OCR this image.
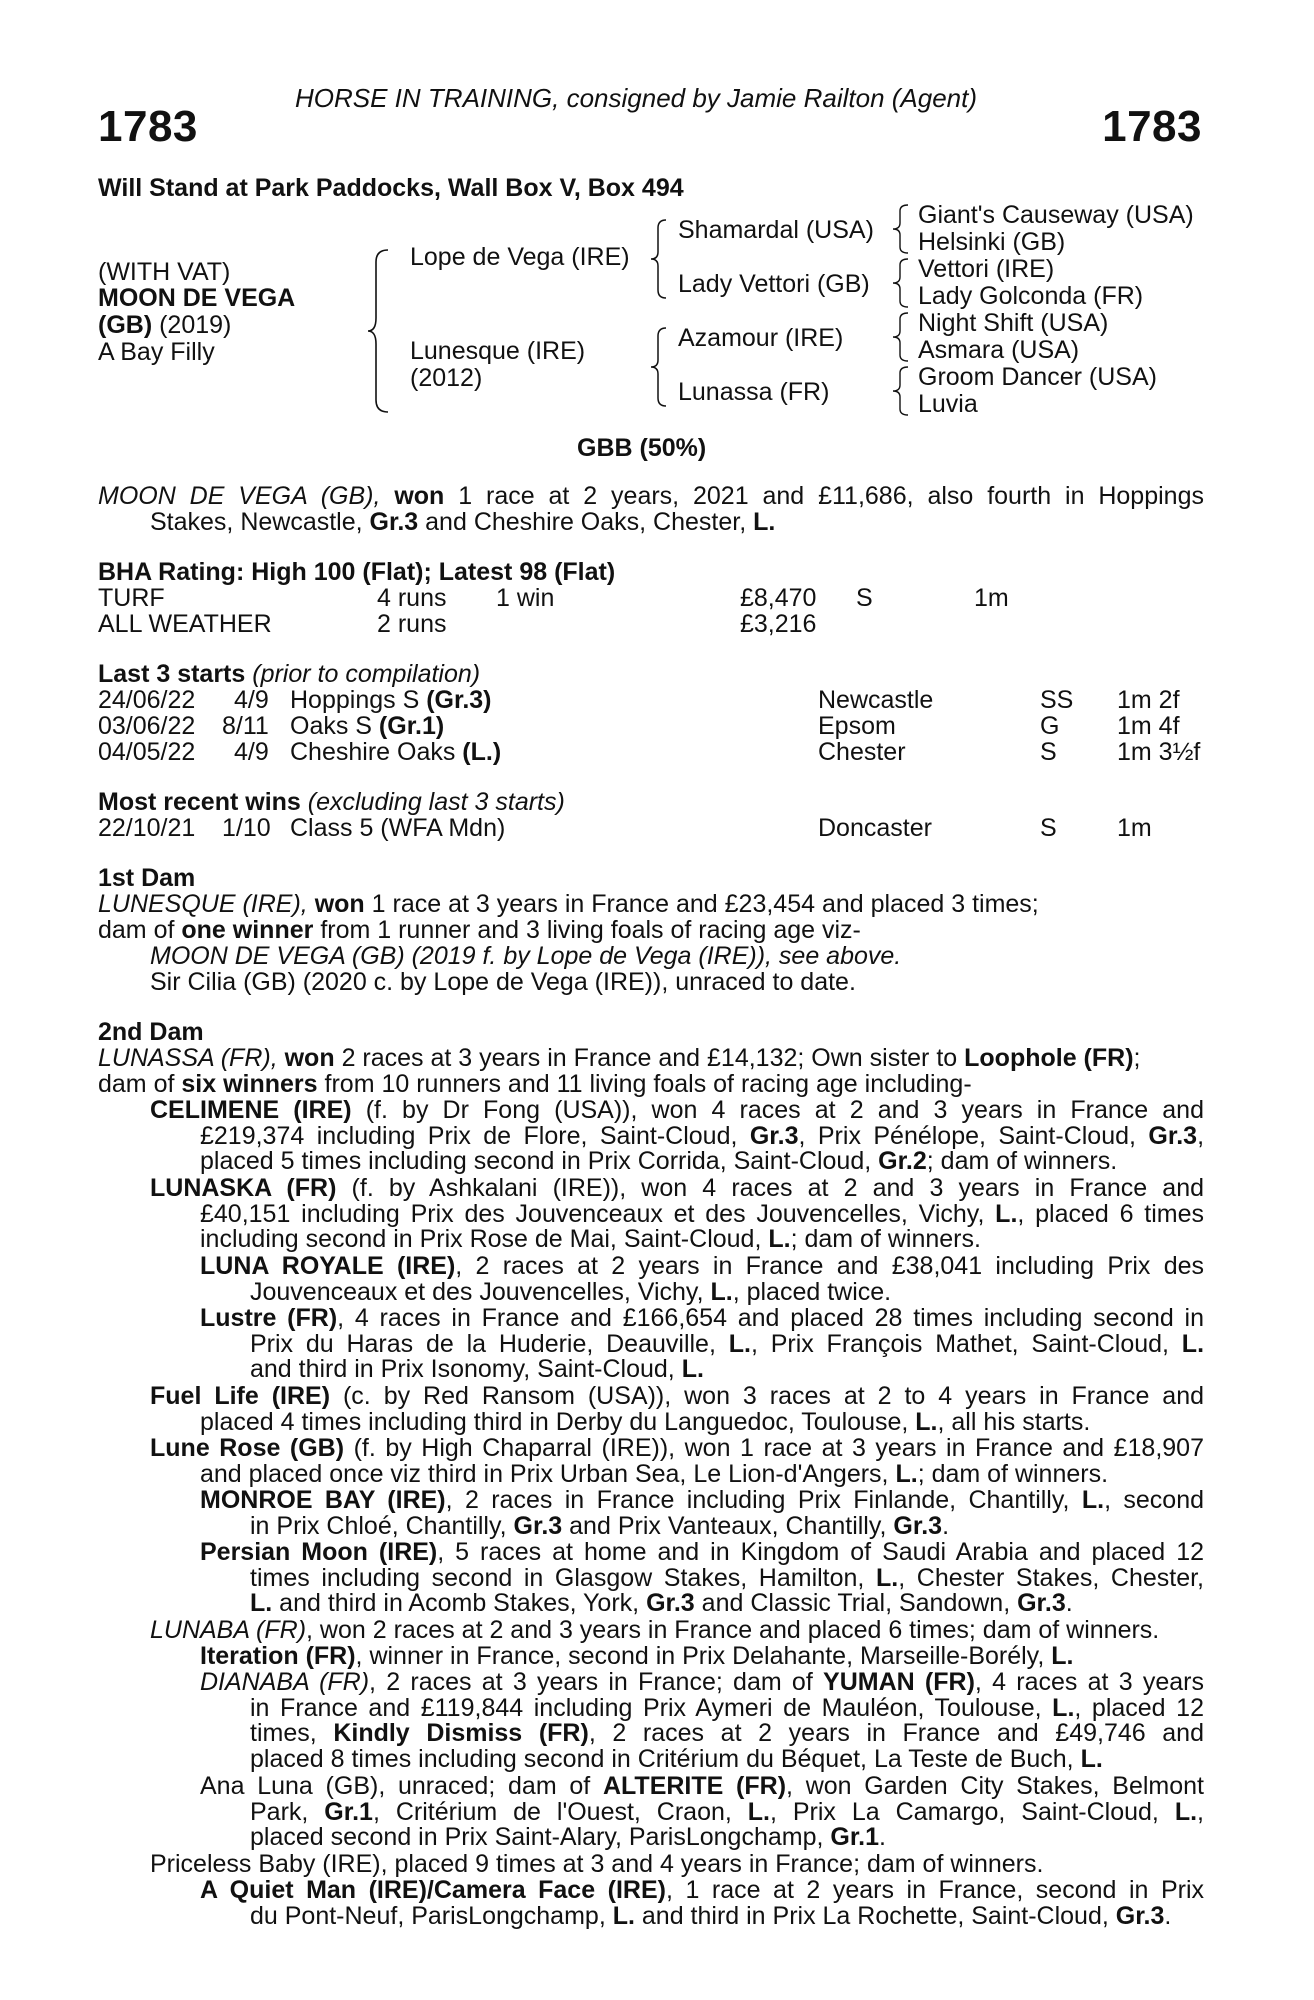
HORSE IN TRAINING, consigned by Jamie Railton (Agent)
1783	1783
Will Stand at Park Paddocks, Wall Box V, Box 494
(WITH VAT)
MOON DE VEGA
(GB) (2019)
A Bay Filly
Lope de Vega (IRE)
Lunesque (IRE)
(2012)
Shamardal (USA)
Lady Vettori (GB)
Azamour (IRE)
Lunassa (FR)
Giant's Causeway (USA)
Helsinki (GB)
Vettori (IRE)
Lady Golconda (FR)
Night Shift (USA)
Asmara (USA)
Groom Dancer (USA)
Luvia
GBB (50%)
MOON DE VEGA (GB), won 1 race at 2 years, 2021 and £11,686, also fourth in Hoppings
Stakes, Newcastle, Gr.3 and Cheshire Oaks, Chester, L.
BHA Rating: High 100 (Flat); Latest 98 (Flat)
TURF	4 runs 1 win	£8,470 S	1m
ALL WEATHER	2 runs	£3,216
Last 3 starts (prior to compilation)
24/06/22 4/9 Hoppings S (Gr.3)	Newcastle	SS 1m 2f
03/06/22 8/11 Oaks S (Gr.1)	Epsom	G 1m 4f
04/05/22 4/9 Cheshire Oaks (L.)	Chester	S 1m 3½f
Most recent wins (excluding last 3 starts)
22/10/21 1/10 Class 5 (WFA Mdn)	Doncaster	S 1m
1st Dam
LUNESQUE (IRE), won 1 race at 3 years in France and £23,454 and placed 3 times;
dam of one winner from 1 runner and 3 living foals of racing age viz-
MOON DE VEGA (GB) (2019 f. by Lope de Vega (IRE)), see above.
Sir Cilia (GB) (2020 c. by Lope de Vega (IRE)), unraced to date.
2nd Dam
LUNASSA (FR), won 2 races at 3 years in France and £14,132; Own sister to Loophole (FR);
dam of six winners from 10 runners and 11 living foals of racing age including-
CELIMENE (IRE) (f. by Dr Fong (USA)), won 4 races at 2 and 3 years in France and
£219,374 including Prix de Flore, Saint-Cloud, Gr.3, Prix Pénélope, Saint-Cloud, Gr.3,
placed 5 times including second in Prix Corrida, Saint-Cloud, Gr.2; dam of winners.
LUNASKA (FR) (f. by Ashkalani (IRE)), won 4 races at 2 and 3 years in France and
£40,151 including Prix des Jouvenceaux et des Jouvencelles, Vichy, L., placed 6 times
including second in Prix Rose de Mai, Saint-Cloud, L.; dam of winners.
LUNA ROYALE (IRE), 2 races at 2 years in France and £38,041 including Prix des
Jouvenceaux et des Jouvencelles, Vichy, L., placed twice.
Lustre (FR), 4 races in France and £166,654 and placed 28 times including second in
Prix du Haras de la Huderie, Deauville, L., Prix François Mathet, Saint-Cloud, L.
and third in Prix Isonomy, Saint-Cloud, L.
Fuel Life (IRE) (c. by Red Ransom (USA)), won 3 races at 2 to 4 years in France and
placed 4 times including third in Derby du Languedoc, Toulouse, L., all his starts.
Lune Rose (GB) (f. by High Chaparral (IRE)), won 1 race at 3 years in France and £18,907
and placed once viz third in Prix Urban Sea, Le Lion-d'Angers, L.; dam of winners.
MONROE BAY (IRE), 2 races in France including Prix Finlande, Chantilly, L., second
in Prix Chloé, Chantilly, Gr.3 and Prix Vanteaux, Chantilly, Gr.3.
Persian Moon (IRE), 5 races at home and in Kingdom of Saudi Arabia and placed 12
times including second in Glasgow Stakes, Hamilton, L., Chester Stakes, Chester,
L. and third in Acomb Stakes, York, Gr.3 and Classic Trial, Sandown, Gr.3.
LUNABA (FR), won 2 races at 2 and 3 years in France and placed 6 times; dam of winners.
Iteration (FR), winner in France, second in Prix Delahante, Marseille-Borély, L.
DIANABA (FR), 2 races at 3 years in France; dam of YUMAN (FR), 4 races at 3 years
in France and £119,844 including Prix Aymeri de Mauléon, Toulouse, L., placed 12
times, Kindly Dismiss (FR), 2 races at 2 years in France and £49,746 and
placed 8 times including second in Critérium du Béquet, La Teste de Buch, L.
Ana Luna (GB), unraced; dam of ALTERITE (FR), won Garden City Stakes, Belmont
Park, Gr.1, Critérium de l'Ouest, Craon, L., Prix La Camargo, Saint-Cloud, L.,
placed second in Prix Saint-Alary, ParisLongchamp, Gr.1.
Priceless Baby (IRE), placed 9 times at 3 and 4 years in France; dam of winners.
A Quiet Man (IRE)/Camera Face (IRE), 1 race at 2 years in France, second in Prix
du Pont-Neuf, ParisLongchamp, L. and third in Prix La Rochette, Saint-Cloud, Gr.3.
